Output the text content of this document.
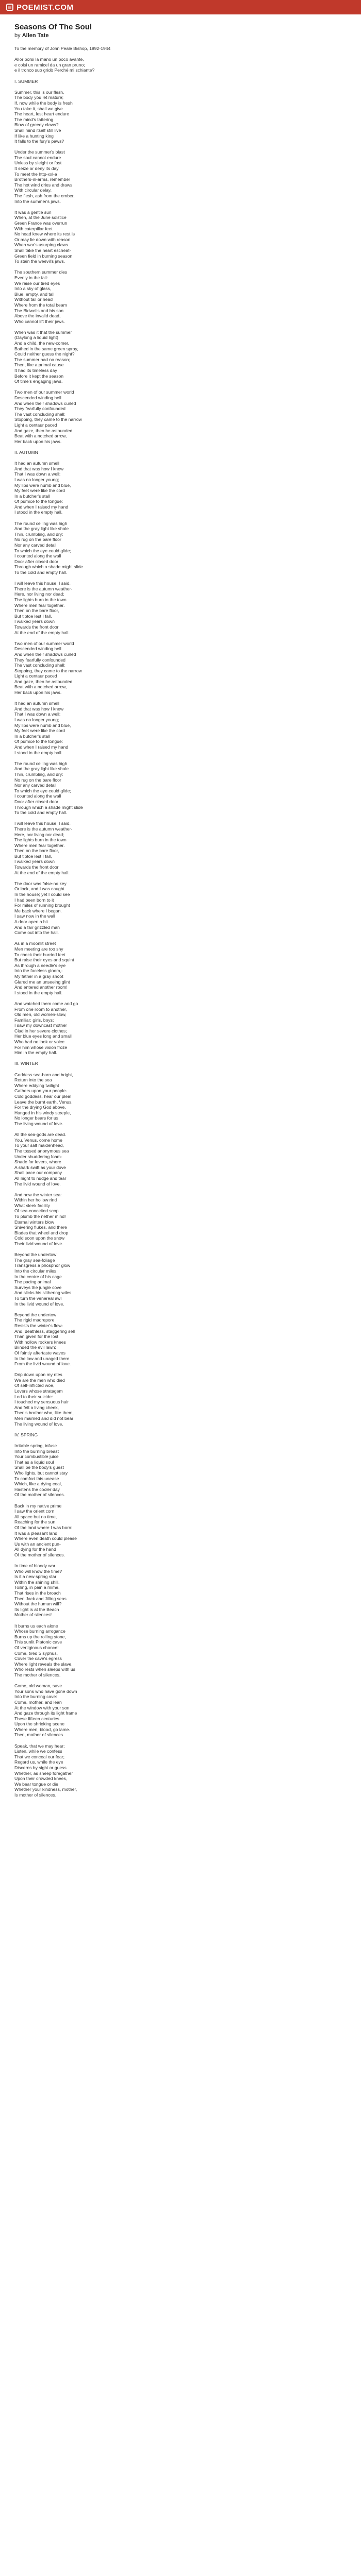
▤ POEMIST.COM
Seasons Of The Soul
by Allen Tate
To the memory of John Peale Bishop, 1892-1944

Allor porsi la mano un poco avante,
e colsi un ramicel da un gran pruno;
e il tronco suo gridò Perché mi schiante?

I. SUMMER

Summer, this is our flesh,
The body you let mature;
If, now while the body is fresh
You take it, shall we give
The heart, lest heart endure
The mind's tattering
Blow of greedy claws?
Shall mind itself still live
If like a hunting king
It falls to the fury's paws?

Under the summer's blast
The soul cannot endure
Unless by sleight or fast
It seize or deny its day
To meet the http-xxl-a
Brothers-in-arms, remember
The hot wind dries and draws
With circular delay,
The flesh, ash from the ember,
Into the summer's jaws.

It was a gentle sun
When, at the June solstice
Green France was overrun
With caterpillar feet.
No head knew where its rest is
Or may lie down with reason
When war's usurping claws
Shall take the heart escheat-
Green field in burning season
To stain the weevil's jaws.

The southern summer dies
Evenly in the fall:
We raise our tired eyes
Into a sky of glass,
Blue, empty, and tall
Without tail or head
Where from the total beam
The Bidwells and his son
Above the invalid dead,
Who cannot lift their jaws.

When was it that the summer
(Daylong a liquid light)
And a child, the new-comer,
Bathed in the same green spray,
Could neither guess the night?
The summer had no reason;
Then, like a primal cause
It had its timeless day
Before it kept the season
Of time's engaging jaws.

Two men of our summer world
Descended winding hell
And when their shadows curled
They fearfully confounded
The vast concluding shell:
Stopping, they came to the narrow
Light a centaur paced
And gaze, then he astounded
Beat with a notched arrow,
Her back upon his jaws.

II. AUTUMN

It had an autumn smell
And that was how I knew
That I was down a well:
I was no longer young;
My lips were numb and blue,
My feet were like the cord
In a butcher's stall
Of pumice to the tongue:
And when I raised my hand
I stood in the empty hall.

The round ceiling was high
And the gray light like shale
Thin, crumbling, and dry:
No rug on the bare floor
Nor any carved detail
To which the eye could glide;
I counted along the wall
Door after closed door
Through which a shade might slide
To the cold and empty hall.

I will leave this house, I said,
There is the autumn weather-
Here, nor living nor dead;
The lights burn in the town
Where men fear together.
Then on the bare floor,
But tiptoe lest I fall,
I walked years down
Towards the front door
At the end of the empty hall.

Two men of our summer world
Descended winding hell
And when their shadows curled
They fearfully confounded
The vast concluding shell:
Stopping, they came to the narrow
Light a centaur paced
And gaze, then he astounded
Beat with a notched arrow,
Her back upon his jaws.

It had an autumn smell
And that was how I knew
That I was down a well:
I was no longer young;
My lips were numb and blue,
My feet were like the cord
In a butcher's stall
Of pumice to the tongue:
And when I raised my hand
I stood in the empty hall.

The round ceiling was high
And the gray light like shale
Thin, crumbling, and dry:
No rug on the bare floor
Nor any carved detail
To which the eye could glide;
I counted along the wall
Door after closed door
Through which a shade might slide
To the cold and empty hall.

I will leave this house, I said,
There is the autumn weather-
Here, nor living nor dead;
The lights burn in the town
Where men fear together.
Then on the bare floor,
But tiptoe lest I fall,
I walked years down
Towards the front door
At the end of the empty hall.

The door was false-no key
Or lock, and I was caught
In the house; yet I could see
I had been born to it
For miles of running brought
Me back where I began.
I saw now in the wall
A door open a bit
And a fair grizzled man
Come out into the hall.

As in a moonlit street
Men meeting are too shy
To check their hurried feet
But raise their eyes and squint
As through a needle's eye
Into the faceless gloom,-
My father in a gray shoot
Glared me an unseeing glint
And entered another room!
I stood in the empty hall.

And watched them come and go
From one room to another,
Old men, old women-slow,
Familiar; girls, boys;
I saw my downcast mother
Clad in her severe clothes;
Her blue eyes long and small
Who had no look or voice
For him whose vision froze
Him in the empty hall.

III. WINTER

Goddess sea-born and bright,
Return into the sea
Where eddying twilight
Gathers upon your people-
Cold goddess, hear our plea!
Leave the burnt earth, Venus,
For the drying God above,
Hanged in his windy steeple,
No longer bears for us
The living wound of love.

All the sea-gods are dead.
You, Venus, come home
To your salt maidenhead,
The tossed anonymous sea
Under shuddering foam-
Shade for lovers, where
A shark swift as your dove
Shall pace our company
All night to nudge and tear
The livid wound of love.

And now the winter sea:
Within her hollow rind
What sleek facility
Of sea-conceited scop
To plumb the nether mind!
Eternal winters blow
Shivering flukes, and there
Blades that wheel and drop
Cold soon upon the snow
Their livid wound of love.

Beyond the undertow
The gray sea-foliage
Transgress a phosphor glow
Into the circular miles:
In the centre of his cage
The pacing animal
Surveys the jungle cove
And slicks his slithering wiles
To turn the venereal awl
In the livid wound of love.

Beyond the undertow
The rigid madrepore
Resists the winter's flow-
And, deathless, staggering sell
Than given for the lost
With hollow rockers knees
Blinded the evil lawn;
Of faintly aftertaste waves
In the low and unaged there
From the livid wound of love.

Drip down upon my rites
We are the men who died
Of self-inflicted woe,
Lovers whose stratagem
Led to their suicide:
I touched my sensuous hair
And felt a living cheek,
Then's brother who, like them,
Men maimed and did not bear
The living wound of love.

IV. SPRING

Irritable spring, infuse
Into the burning breast
Your combustible juice
That as a liquid soul
Shall be the body's guest
Who lights, but cannot stay
To comfort this unease
Which, like a dying coal,
Hastens the cooler day
Of the mother of silences.

Back in my native prime
I saw the orient corn
All space but no time,
Reaching for the sun
Of the land where I was born:
It was a pleasant land
Where even death could please
Us with an ancient pun-
All dying for the hand
Of the mother of silences.

In time of bloody war
Who will know the time?
Is it a new spring star
Within the shining shill,
Toiling, in pain a mime,
That rises in the broach
Then Jack and Jilling seas
Without the human will?
Its light is at the Beach
Mother of silences!

It burns us each alone
Whose burning arrogance
Burns up the rolling stone,
This sunlit Platonic cave
Of vertiginous chance!
Come, tired Sisyphus,
Cover the cave's egress
Where light reveals the slave,
Who rests when sleeps with us
The mother of silences.

Come, old woman, save
Your sons who have gone down
Into the burning cave:
Come, mother, and lean
At the window with your son
And gaze through its light frame
These fifteen centuries
Upon the shrieking scene
Where men, blood, go lame.
Then, mother of silences.

Speak, that we may hear;
Listen, while we confess
That we conceal our fear;
Regard us, while the eye
Discerns by sight or guess
Whether, as sheep foregather
Upon their crowded knees,
We bear tongue or die
Whether your kindness, mother,
Is mother of silences.
